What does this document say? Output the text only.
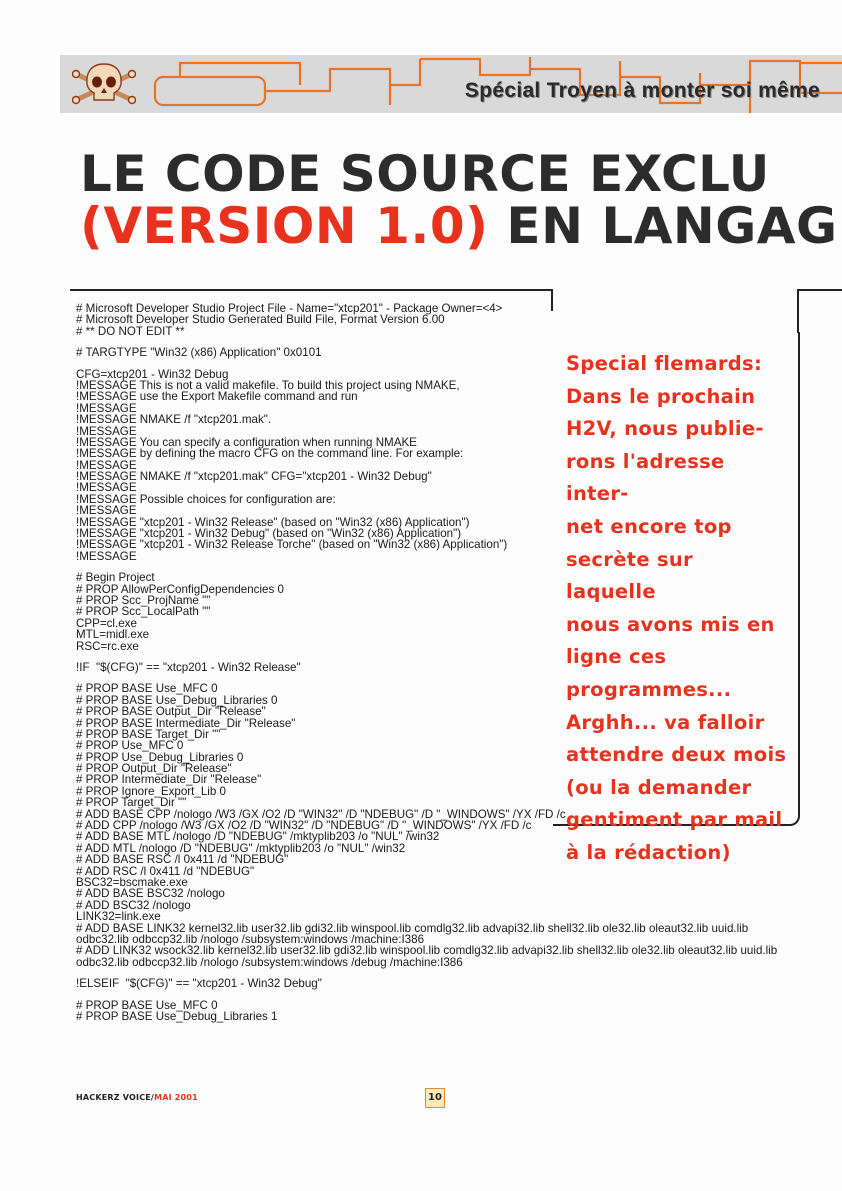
Spécial Troyen à monter soi même
LE CODE SOURCE EXCLU
(VERSION 1.0) EN LANGAG
# Microsoft Developer Studio Project File - Name="xtcp201" - Package Owner=<4>
# Microsoft Developer Studio Generated Build File, Format Version 6.00
# ** DO NOT EDIT **
# TARGTYPE "Win32 (x86) Application" 0x0101
CFG=xtcp201 - Win32 Debug
!MESSAGE This is not a valid makefile. To build this project using NMAKE,
!MESSAGE use the Export Makefile command and run
!MESSAGE
!MESSAGE NMAKE /f "xtcp201.mak".
!MESSAGE
!MESSAGE You can specify a configuration when running NMAKE
!MESSAGE by defining the macro CFG on the command line. For example:
!MESSAGE
!MESSAGE NMAKE /f "xtcp201.mak" CFG="xtcp201 - Win32 Debug"
!MESSAGE
!MESSAGE Possible choices for configuration are:
!MESSAGE
!MESSAGE "xtcp201 - Win32 Release" (based on "Win32 (x86) Application")
!MESSAGE "xtcp201 - Win32 Debug" (based on "Win32 (x86) Application")
!MESSAGE "xtcp201 - Win32 Release Torche" (based on "Win32 (x86) Application")
!MESSAGE
# Begin Project
# PROP AllowPerConfigDependencies 0
# PROP Scc_ProjName ""
# PROP Scc_LocalPath ""
CPP=cl.exe
MTL=midl.exe
RSC=rc.exe
!IF  "$(CFG)" == "xtcp201 - Win32 Release"
# PROP BASE Use_MFC 0
# PROP BASE Use_Debug_Libraries 0
# PROP BASE Output_Dir "Release"
# PROP BASE Intermediate_Dir "Release"
# PROP BASE Target_Dir ""
# PROP Use_MFC 0
# PROP Use_Debug_Libraries 0
# PROP Output_Dir "Release"
# PROP Intermediate_Dir "Release"
# PROP Ignore_Export_Lib 0
# PROP Target_Dir ""
# ADD BASE CPP /nologo /W3 /GX /O2 /D "WIN32" /D "NDEBUG" /D "_WINDOWS" /YX /FD /c
# ADD CPP /nologo /W3 /GX /O2 /D "WIN32" /D "NDEBUG" /D "_WINDOWS" /YX /FD /c
# ADD BASE MTL /nologo /D "NDEBUG" /mktyplib203 /o "NUL" /win32
# ADD MTL /nologo /D "NDEBUG" /mktyplib203 /o "NUL" /win32
# ADD BASE RSC /l 0x411 /d "NDEBUG"
# ADD RSC /l 0x411 /d "NDEBUG"
BSC32=bscmake.exe
# ADD BASE BSC32 /nologo
# ADD BSC32 /nologo
LINK32=link.exe
# ADD BASE LINK32 kernel32.lib user32.lib gdi32.lib winspool.lib comdlg32.lib advapi32.lib shell32.lib ole32.lib oleaut32.lib uuid.lib odbc32.lib odbccp32.lib /nologo /subsystem:windows /machine:I386
# ADD LINK32 wsock32.lib kernel32.lib user32.lib gdi32.lib winspool.lib comdlg32.lib advapi32.lib shell32.lib ole32.lib oleaut32.lib uuid.lib odbc32.lib odbccp32.lib /nologo /subsystem:windows /debug /machine:I386
!ELSEIF  "$(CFG)" == "xtcp201 - Win32 Debug"
# PROP BASE Use_MFC 0
# PROP BASE Use_Debug_Libraries 1
Special flemards:
Dans le prochain
H2V, nous publie-
rons l'adresse inter-
net encore top
secrète sur laquelle
nous avons mis en
ligne ces
programmes...
Arghh... va falloir
attendre deux mois
(ou la demander
gentiment par mail
à la rédaction)
HACKERZ VOICE/MAI 2001	10
